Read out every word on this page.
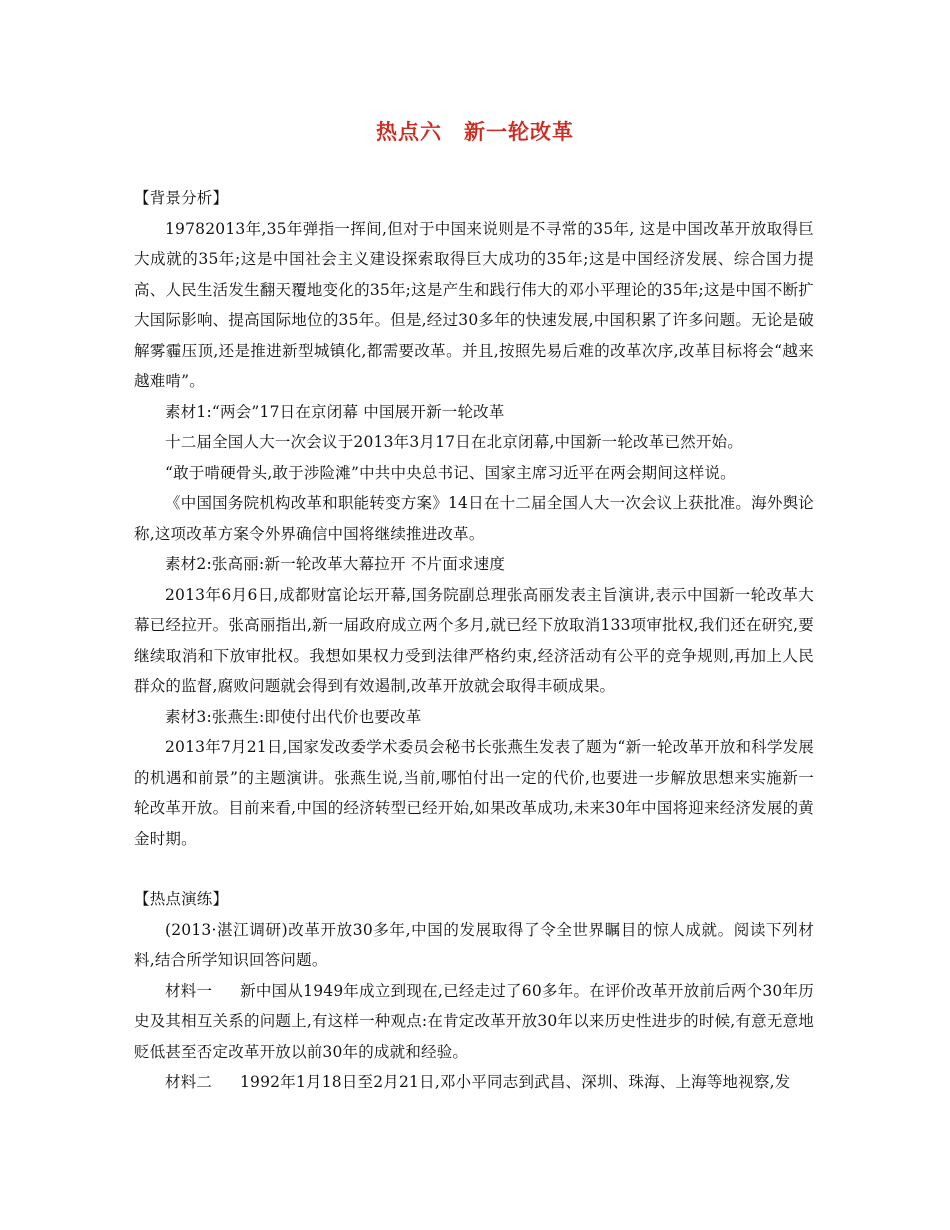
热点六 新一轮改革

【背景分析】

19782013年,35年弹指一挥间,但对于中国来说则是不寻常的35年, 这是中国改革开放取得巨大成就的35年;这是中国社会主义建设探索取得巨大成功的35年;这是中国经济发展、综合国力提高、人民生活发生翻天覆地变化的35年;这是产生和践行伟大的邓小平理论的35年;这是中国不断扩大国际影响、提高国际地位的35年。但是,经过30多年的快速发展,中国积累了许多问题。无论是破解雾霾压顶,还是推进新型城镇化,都需要改革。并且,按照先易后难的改革次序,改革目标将会“越来越难啃”。

素材1:“两会”17日在京闭幕 中国展开新一轮改革

十二届全国人大一次会议于2013年3月17日在北京闭幕,中国新一轮改革已然开始。

“敢于啃硬骨头,敢于涉险滩”中共中央总书记、国家主席习近平在两会期间这样说。

《中国国务院机构改革和职能转变方案》14日在十二届全国人大一次会议上获批准。海外舆论称,这项改革方案令外界确信中国将继续推进改革。

素材2:张高丽:新一轮改革大幕拉开 不片面求速度

2013年6月6日,成都财富论坛开幕,国务院副总理张高丽发表主旨演讲,表示中国新一轮改革大幕已经拉开。张高丽指出,新一届政府成立两个多月,就已经下放取消133项审批权,我们还在研究,要继续取消和下放审批权。我想如果权力受到法律严格约束,经济活动有公平的竞争规则,再加上人民群众的监督,腐败问题就会得到有效遏制,改革开放就会取得丰硕成果。

素材3:张燕生:即使付出代价也要改革

2013年7月21日,国家发改委学术委员会秘书长张燕生发表了题为“新一轮改革开放和科学发展的机遇和前景”的主题演讲。张燕生说,当前,哪怕付出一定的代价,也要进一步解放思想来实施新一轮改革开放。目前来看,中国的经济转型已经开始,如果改革成功,未来30年中国将迎来经济发展的黄金时期。

【热点演练】

(2013·湛江调研)改革开放30多年,中国的发展取得了令全世界瞩目的惊人成就。阅读下列材料,结合所学知识回答问题。

材料一 新中国从1949年成立到现在,已经走过了60多年。在评价改革开放前后两个30年历史及其相互关系的问题上,有这样一种观点:在肯定改革开放30年以来历史性进步的时候,有意无意地贬低甚至否定改革开放以前30年的成就和经验。

材料二 1992年1月18日至2月21日,邓小平同志到武昌、深圳、珠海、上海等地视察,发
